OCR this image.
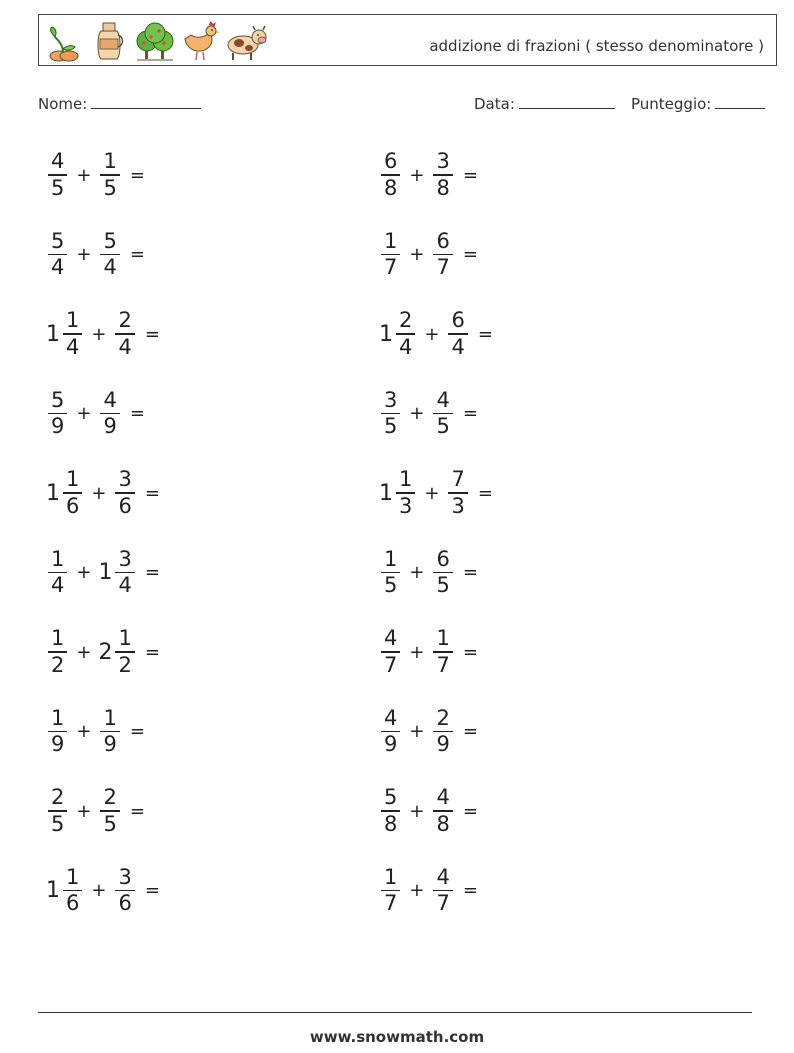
addizione di frazioni ( stesso denominatore )
Nome:	Data:	Punteggio:
$\frac{4}{5} + \frac{1}{5}$ =	$\frac{6}{8} + \frac{3}{8}$ =
$\frac{5}{4} + \frac{5}{4}$ =	$\frac{1}{7} + \frac{6}{7}$ =
$1 \frac{1}{4} + \frac{2}{4}$ =	$1 \frac{2}{4} + \frac{6}{4}$ =
$\frac{5}{9} + \frac{4}{9}$ =	$\frac{3}{5} + \frac{4}{5}$ =
$1 \frac{1}{6} + \frac{3}{6}$ =	$1 \frac{1}{3} + \frac{7}{3}$ =
$\frac{1}{4} + 1 \frac{3}{4}$ =	$\frac{1}{5} + \frac{6}{5}$ =
$\frac{1}{2} + 2 \frac{1}{2}$ =	$\frac{4}{7} + \frac{1}{7}$ =
$\frac{1}{9} + \frac{1}{9}$ =	$\frac{4}{9} + \frac{2}{9}$ =
$\frac{2}{5} + \frac{2}{5}$ =	$\frac{5}{8} + \frac{4}{8}$ =
$1 \frac{1}{6} + \frac{3}{6}$ =	$\frac{1}{7} + \frac{4}{7}$ =
www.snowmath.com
